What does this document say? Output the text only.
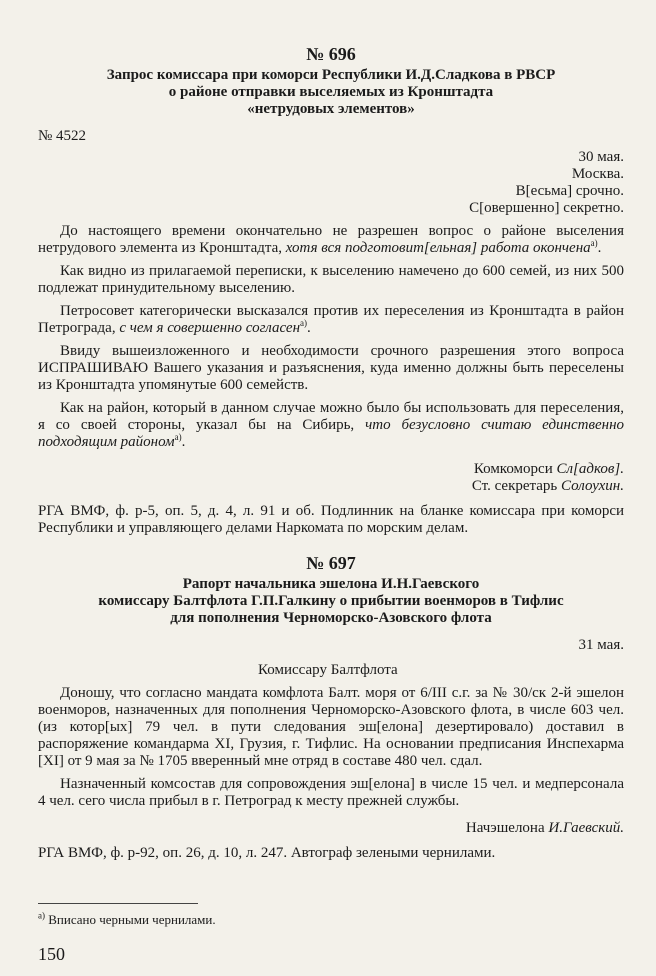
№ 696
Запрос комиссара при коморси Республики И.Д.Сладкова в РВСР
о районе отправки выселяемых из Кронштадта
«нетрудовых элементов»
№ 4522
30 мая.
Москва.
В[есьма] срочно.
С[овершенно] секретно.

До настоящего времени окончательно не разрешен вопрос о районе выселения нетрудового элемента из Кронштадта, хотя вся подготовит[ельная] работа окончена$^{а)}$.

Как видно из прилагаемой переписки, к выселению намечено до 600 семей, из них 500 подлежат принудительному выселению.

Петросовет категорически высказался против их переселения из Кронштадта в район Петрограда, с чем я совершенно согласен$^{а)}$.

Ввиду вышеизложенного и необходимости срочного разрешения этого вопроса ИСПРАШИВАЮ Вашего указания и разъяснения, куда именно должны быть переселены из Кронштадта упомянутые 600 семейств.

Как на район, который в данном случае можно было бы использовать для переселения, я со своей стороны, указал бы на Сибирь, что безусловно считаю единственно подходящим районом$^{а)}$.

Комкоморси Сл[адков].
Ст. секретарь Солоухин.

РГА ВМФ, ф. р-5, оп. 5, д. 4, л. 91 и об. Подлинник на бланке комиссара при коморси Республики и управляющего делами Наркомата по морским делам.

№ 697
Рапорт начальника эшелона И.Н.Гаевского
комиссару Балтфлота Г.П.Галкину о прибытии военморов в Тифлис
для пополнения Черноморско-Азовского флота
31 мая.
Комиссару Балтфлота

Доношу, что согласно мандата комфлота Балт. моря от 6/III с.г. за № 30/ск 2-й эшелон военморов, назначенных для пополнения Черноморско-Азовского флота, в числе 603 чел. (из котор[ых] 79 чел. в пути следования эш[елона] дезертировало) доставил в распоряжение командарма XI, Грузия, г. Тифлис. На основании предписания Инспехарма [XI] от 9 мая за № 1705 вверенный мне отряд в составе 480 чел. сдал.

Назначенный комсостав для сопровождения эш[елона] в числе 15 чел. и медперсонала 4 чел. сего числа прибыл в г. Петроград к месту прежней службы.

Начэшелона И.Гаевский.

РГА ВМФ, ф. р-92, оп. 26, д. 10, л. 247. Автограф зелеными чернилами.

$^{а)}$ Вписано черными чернилами.
150
